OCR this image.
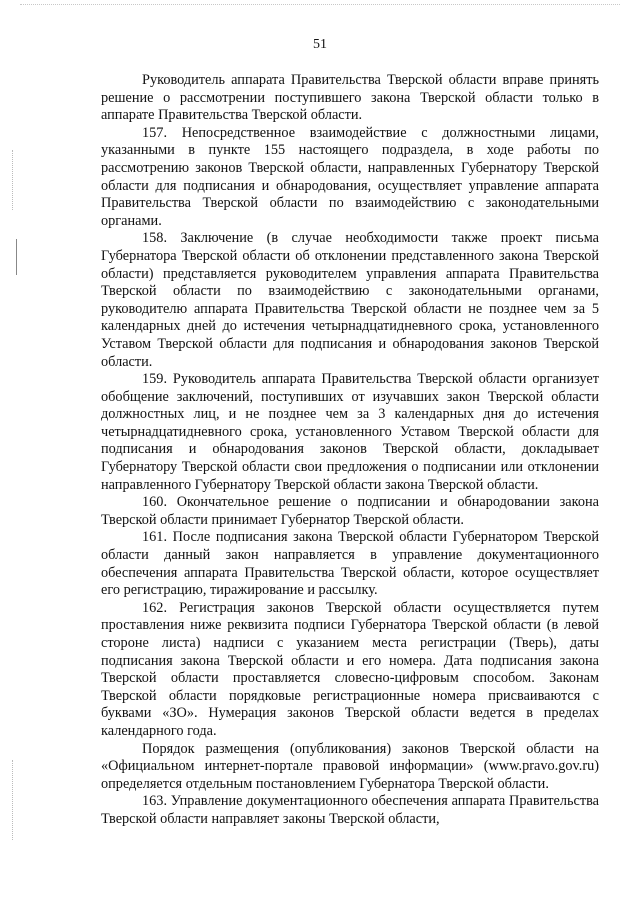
51

Руководитель аппарата Правительства Тверской области вправе принять решение о рассмотрении поступившего закона Тверской области только в аппарате Правительства Тверской области.

157. Непосредственное взаимодействие с должностными лицами, указанными в пункте 155 настоящего подраздела, в ходе работы по рассмотрению законов Тверской области, направленных Губернатору Тверской области для подписания и обнародования, осуществляет управление аппарата Правительства Тверской области по взаимодействию с законодательными органами.

158. Заключение (в случае необходимости также проект письма Губернатора Тверской области об отклонении представленного закона Тверской области) представляется руководителем управления аппарата Правительства Тверской области по взаимодействию с законодательными органами, руководителю аппарата Правительства Тверской области не позднее чем за 5 календарных дней до истечения четырнадцатидневного срока, установленного Уставом Тверской области для подписания и обнародования законов Тверской области.

159. Руководитель аппарата Правительства Тверской области организует обобщение заключений, поступивших от изучавших закон Тверской области должностных лиц, и не позднее чем за 3 календарных дня до истечения четырнадцатидневного срока, установленного Уставом Тверской области для подписания и обнародования законов Тверской области, докладывает Губернатору Тверской области свои предложения о подписании или отклонении направленного Губернатору Тверской области закона Тверской области.

160. Окончательное решение о подписании и обнародовании закона Тверской области принимает Губернатор Тверской области.

161. После подписания закона Тверской области Губернатором Тверской области данный закон направляется в управление документационного обеспечения аппарата Правительства Тверской области, которое осуществляет его регистрацию, тиражирование и рассылку.

162. Регистрация законов Тверской области осуществляется путем проставления ниже реквизита подписи Губернатора Тверской области (в левой стороне листа) надписи с указанием места регистрации (Тверь), даты подписания закона Тверской области и его номера. Дата подписания закона Тверской области проставляется словесно-цифровым способом. Законам Тверской области порядковые регистрационные номера присваиваются с буквами «ЗО». Нумерация законов Тверской области ведется в пределах календарного года.

Порядок размещения (опубликования) законов Тверской области на «Официальном интернет-портале правовой информации» (www.pravo.gov.ru) определяется отдельным постановлением Губернатора Тверской области.

163. Управление документационного обеспечения аппарата Правительства Тверской области направляет законы Тверской области,
